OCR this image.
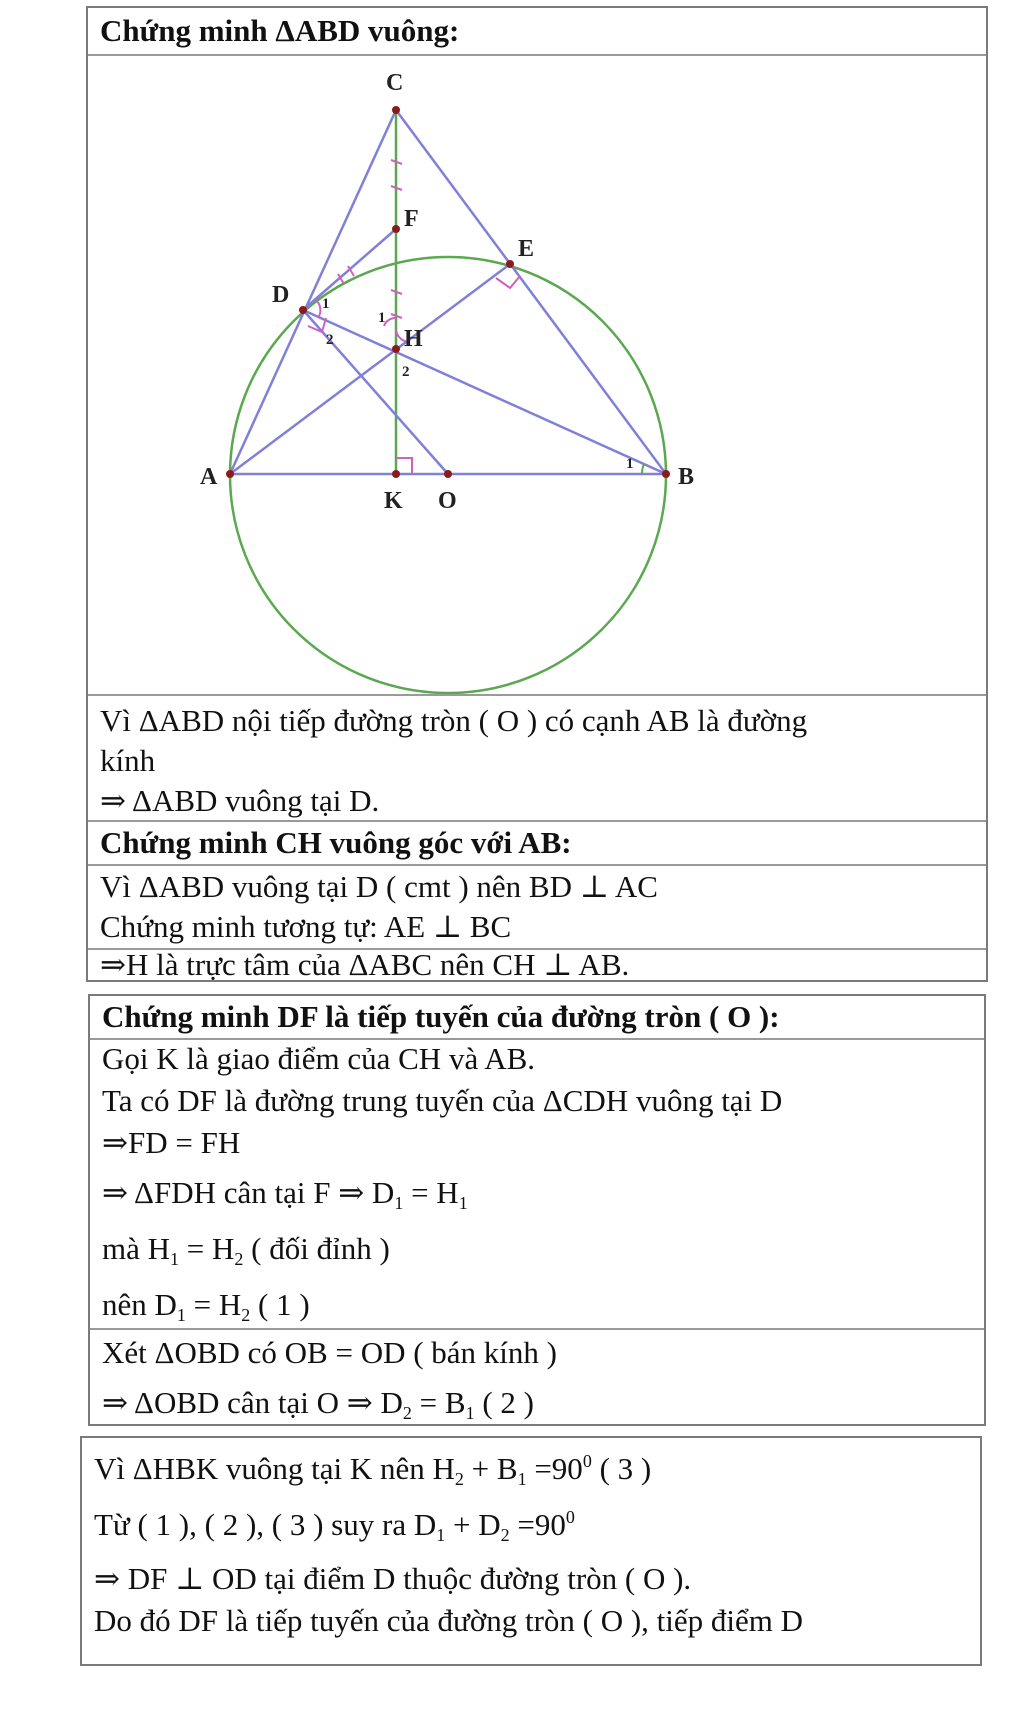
Chứng minh ΔABD vuông:
C
F
E
D
H
A
K O
B
1
2
1
2
1
Vì ΔABD nội tiếp đường tròn ( O ) có cạnh AB là đường
kính
⇒ ΔABD vuông tại D.
Chứng minh CH vuông góc với AB:
Vì ΔABD vuông tại D ( cmt ) nên BD ⊥ AC
Chứng minh tương tự: AE ⊥ BC
⇒H là trực tâm của ΔABC nên CH ⊥ AB.
Chứng minh DF là tiếp tuyến của đường tròn ( O ):
Gọi K là giao điểm của CH và AB.
Ta có DF là đường trung tuyến của ΔCDH vuông tại D
⇒FD = FH
⇒ ΔFDH cân tại F ⇒ D1 = H1
mà H1 = H2 ( đối đỉnh )
nên D1 = H2 ( 1 )
Xét ΔOBD có OB = OD ( bán kính )
⇒ ΔOBD cân tại O ⇒ D2 = B1 ( 2 )
Vì ΔHBK vuông tại K nên $H2 + B1 =90^0$ ( 3 )
Từ ( 1 ), ( 2 ), ( 3 ) suy ra $D1 + D2 =90^0$
⇒ DF ⊥ OD tại điểm D thuộc đường tròn ( O ).
Do đó DF là tiếp tuyến của đường tròn ( O ), tiếp điểm D
